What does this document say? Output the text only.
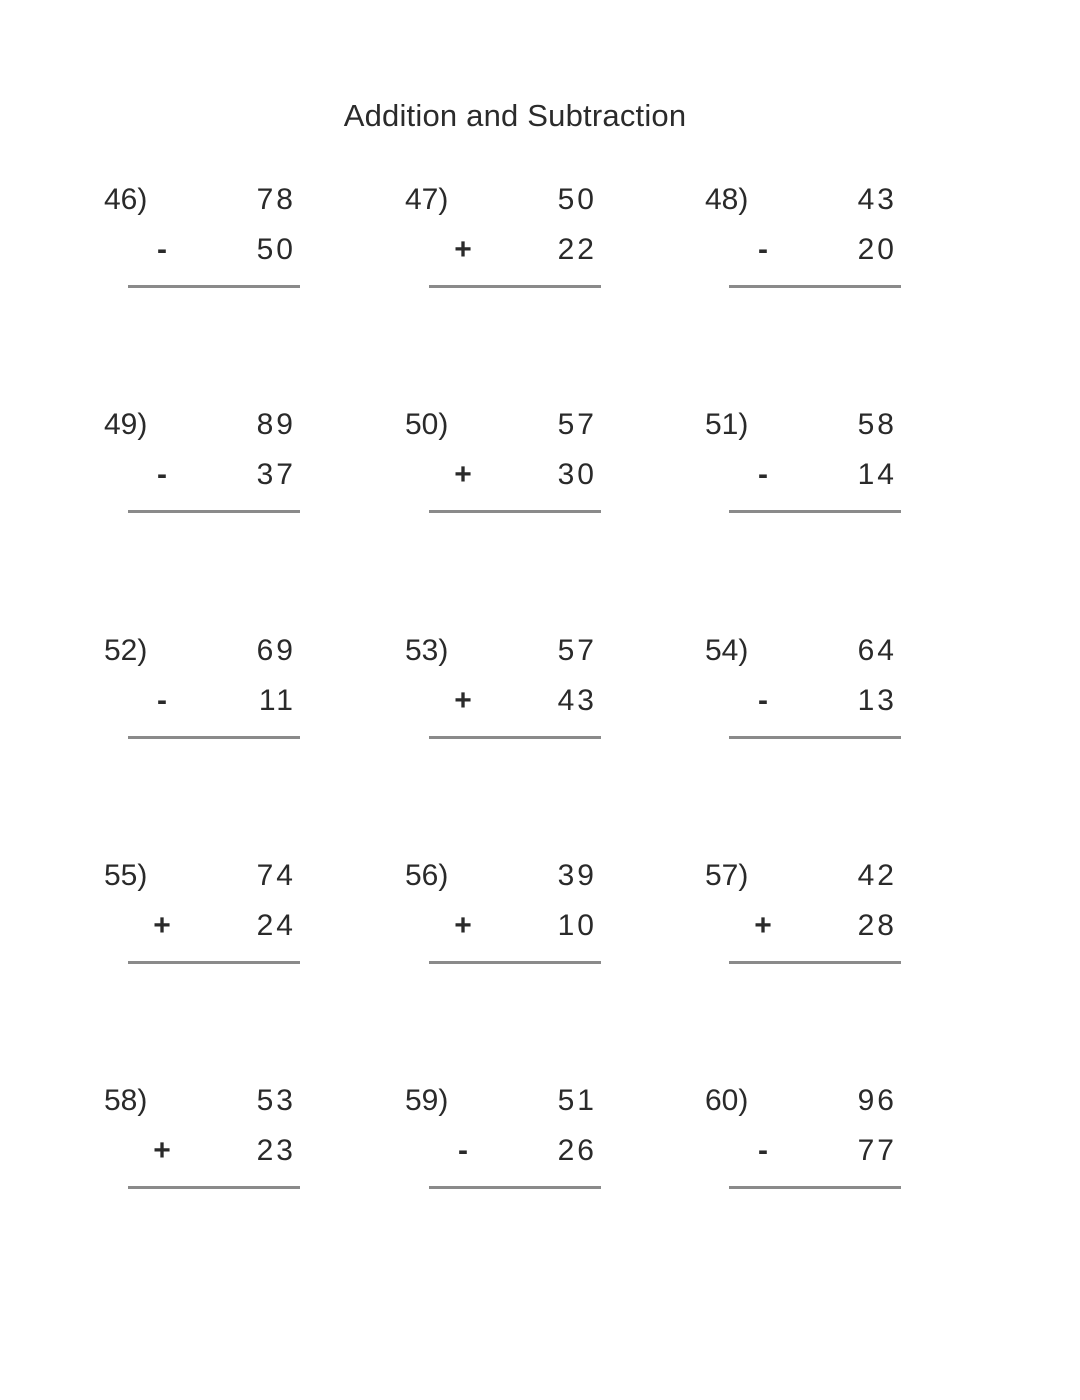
Addition and Subtraction
46)	78
-	50
47)	50
+	22
48)	43
-	20
49)	89
-	37
50)	57
+	30
51)	58
-	14
52)	69
-	11
53)	57
+	43
54)	64
-	13
55)	74
+	24
56)	39
+	10
57)	42
+	28
58)	53
+	23
59)	51
-	26
60)	96
-	77
